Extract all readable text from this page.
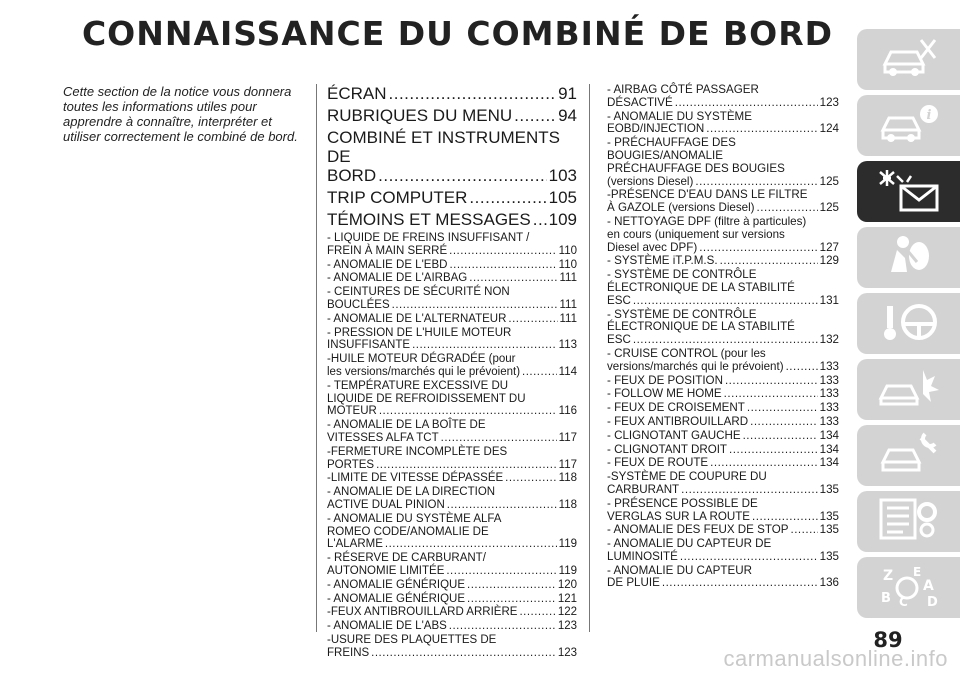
CONNAISSANCE DU COMBINÉ DE BORD
Cette section de la notice vous donnera toutes les informations utiles pour apprendre à connaître, interpréter et utiliser correctement le combiné de bord.
ÉCRAN .....	91
RUBRIQUES DU MENU .....	94
COMBINÉ ET INSTRUMENTS DE
BORD .....	103
TRIP COMPUTER .....	105
TÉMOINS ET MESSAGES ..... 109
- LIQUIDE DE FREINS INSUFFISANT /
FREIN À MAIN SERRÉ .....	110
- ANOMALIE DE L'EBD .....	110
- ANOMALIE DE L'AIRBAG .....	111
- CEINTURES DE SÉCURITÉ NON
BOUCLÉES .....	111
- ANOMALIE DE L'ALTERNATEUR .....	111
- PRESSION DE L'HUILE MOTEUR
INSUFFISANTE .....	113
-HUILE MOTEUR DÉGRADÉE (pour
les versions/marchés qui le prévoient) .....	114
- TEMPÉRATURE EXCESSIVE DU
LIQUIDE DE REFROIDISSEMENT DU
MOTEUR .....	116
- ANOMALIE DE LA BOÎTE DE
VITESSES ALFA TCT .....	117
-FERMETURE INCOMPLÈTE DES
PORTES .....	117
-LIMITE DE VITESSE DÉPASSÉE .....	118
- ANOMALIE DE LA DIRECTION
ACTIVE DUAL PINION .....	118
- ANOMALIE DU SYSTÈME ALFA
ROMEO CODE/ANOMALIE DE
L'ALARME .....	119
- RÉSERVE DE CARBURANT/
AUTONOMIE LIMITÉE .....	119
- ANOMALIE GÉNÉRIQUE .....	120
- ANOMALIE GÉNÉRIQUE .....	121
-FEUX ANTIBROUILLARD ARRIÈRE .....	122
- ANOMALIE DE L'ABS .....	123
-USURE DES PLAQUETTES DE
FREINS .....	123
- AIRBAG CÔTÉ PASSAGER
DÉSACTIVÉ .....	123
- ANOMALIE DU SYSTÈME
EOBD/INJECTION .....	124
- PRÉCHAUFFAGE DES
BOUGIES/ANOMALIE
PRÉCHAUFFAGE DES BOUGIES
(versions Diesel) .....	125
-PRÉSENCE D'EAU DANS LE FILTRE
À GAZOLE (versions Diesel) .....	125
- NETTOYAGE DPF (filtre à particules)
en cours (uniquement sur versions
Diesel avec DPF) .....	127
- SYSTÈME iT.P.M.S. .....	129
- SYSTÈME DE CONTRÔLE
ÉLECTRONIQUE DE LA STABILITÉ
ESC .....	131
- SYSTÈME DE CONTRÔLE
ÉLECTRONIQUE DE LA STABILITÉ
ESC .....	132
- CRUISE CONTROL (pour les
versions/marchés qui le prévoient) .....	133
- FEUX DE POSITION .....	133
- FOLLOW ME HOME .....	133
- FEUX DE CROISEMENT .....	133
- FEUX ANTIBROUILLARD .....	133
- CLIGNOTANT GAUCHE .....	134
- CLIGNOTANT DROIT .....	134
- FEUX DE ROUTE .....	134
-SYSTÈME DE COUPURE DU
CARBURANT .....	135
- PRÉSENCE POSSIBLE DE
VERGLAS SUR LA ROUTE .....	135
- ANOMALIE DES FEUX DE STOP .....	135
- ANOMALIE DU CAPTEUR DE
LUMINOSITÉ .....	135
- ANOMALIE DU CAPTEUR
DE PLUIE .....	136
i
Z E
A
B C D
89
carmanualsonline.info
